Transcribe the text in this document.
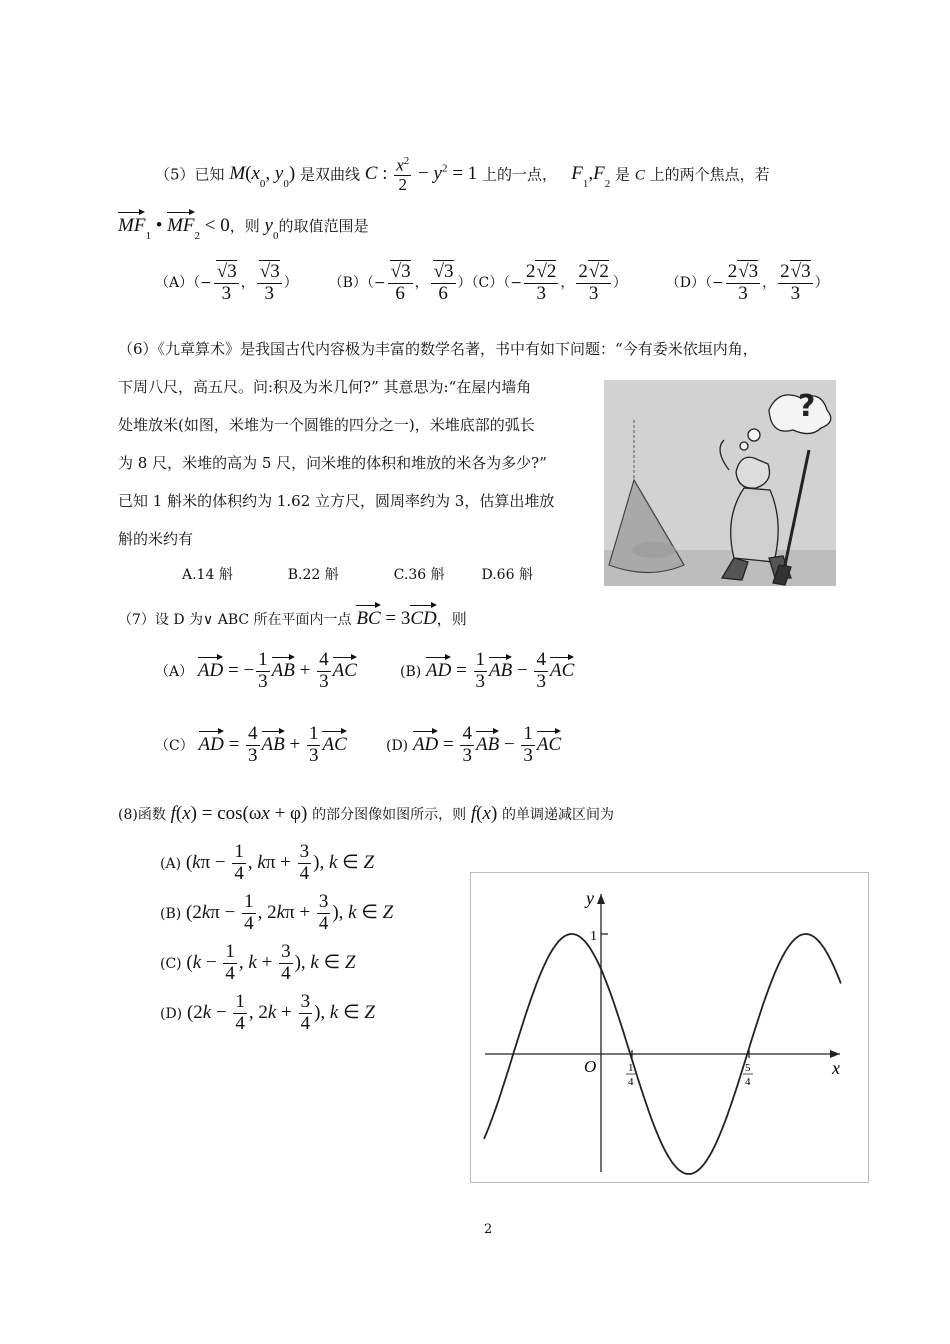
（5）已知 $M(x_0$, $y_0$) 是双曲线 C : $\frac{x^2}{2} - y^2 = 1$ 上的一点， $F_1,F_2$ 是 C 上的两个焦点，若
$MF_1$ • $MF_2 < 0$，则 $y_0$的取值范围是
$(A)(- \frac{√3}{3}$ ， $\frac{√3}{3}$ ） $(B)(- \frac{√3}{6}$ ， $\frac{√3}{6} )(C)(- \frac{2√2}{3}$ ， $\frac{2√2}{3}$ ）	$(D)(- \frac{2√3}{3}$ ， $\frac{2√3}{3}$ ）
（6）《九章算术》是我国古代内容极为丰富的数学名著，书中有如下问题：“今有委米依垣内角，
下周八尺，高五尺。问:积及为米几何?” 其意思为:“在屋内墙角
处堆放米(如图，米堆为一个圆锥的四分之一)，米堆底部的弧长
为 8 尺，米堆的高为 5 尺，问米堆的体积和堆放的米各为多少?”
已知 1 斛米的体积约为 1.62 立方尺，圆周率约为 3，估算出堆放
斛的米约有
A.14 斛	B.22 斛	C.36 斛	D.66 斛
?
（7）设 D 为∨ ABC 所在平面内一点 BC = 3CD，则
（A） AD = − $\frac{1}{3}$ AB + $\frac{4}{3}$ AC	(B) AD = $\frac{1}{3}$ AB − $\frac{4}{3}$ AC
（C） AD = $\frac{4}{3}$ AB + $\frac{1}{3}$ AC	(D) AD = $\frac{4}{3}$ AB − $\frac{1}{3}$ AC
(8)函数 f(x) = cos(ωx + φ) 的部分图像如图所示，则 f(x) 的单调递减区间为
(A) ($k\pi - \frac{1}{4}$ , $k\pi + \frac{3}{4}$ ), k ∈ Z
(B) ($2k\pi - \frac{1}{4}$ , $2k\pi + \frac{3}{4}$ ), k ∈ Z
(C) ($k - \frac{1}{4}$ , $k + \frac{3}{4}$ ), k ∈ Z
(D) ($2k - \frac{1}{4}$ , $2k + \frac{3}{4}$ ), k ∈ Z
y
x
O
1
1
4
5
4
2
